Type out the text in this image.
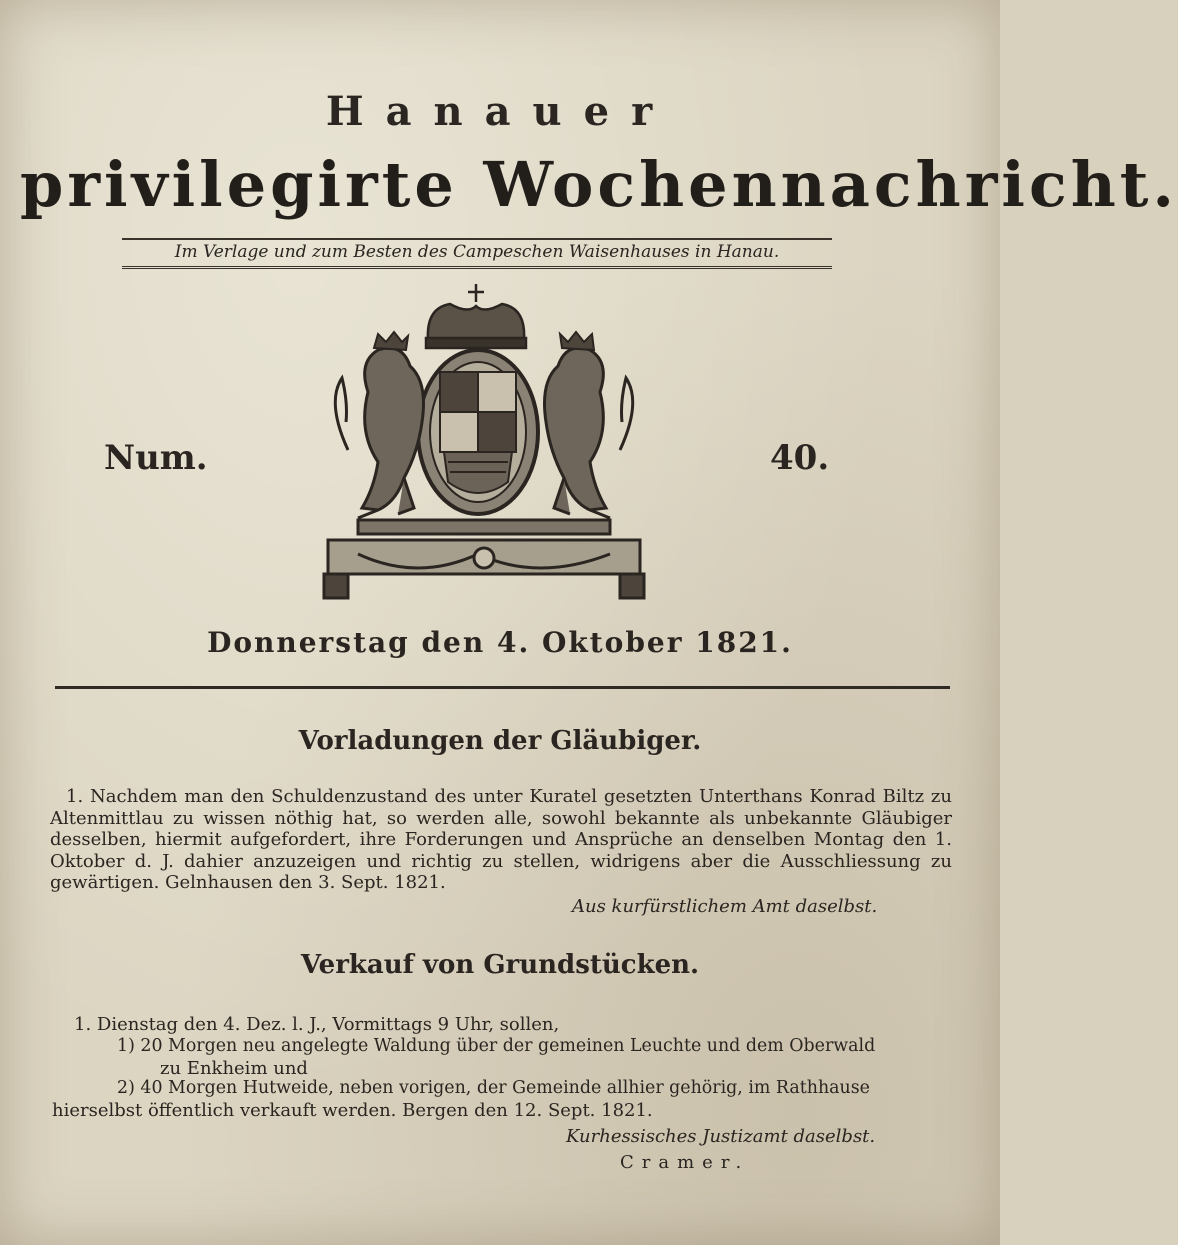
Hanauer
privilegirte Wochennachricht.
Im Verlage und zum Besten des Campeschen Waisenhauses in Hanau.
Num.	40.
Donnerstag den 4. Oktober 1821.
Vorladungen der Gläubiger.

1. Nachdem man den Schuldenzustand des unter Kuratel gesetzten Unterthans Konrad Biltz zu Altenmittlau zu wissen nöthig hat, so werden alle, sowohl bekannte als unbekannte Gläubiger desselben, hiermit aufgefordert, ihre Forderungen und Ansprüche an denselben Montag den 1. Oktober d. J. dahier anzuzeigen und richtig zu stellen, widrigens aber die Ausschliessung zu gewärtigen. Gelnhausen den 3. Sept. 1821.

Aus kurfürstlichem Amt daselbst.
Verkauf von Grundstücken.
1. Dienstag den 4. Dez. l. J., Vormittags 9 Uhr, sollen,
1) 20 Morgen neu angelegte Waldung über der gemeinen Leuchte und dem Oberwald
zu Enkheim und
2) 40 Morgen Hutweide, neben vorigen, der Gemeinde allhier gehörig, im Rathhause
hierselbst öffentlich verkauft werden. Bergen den 12. Sept. 1821.
Kurhessisches Justizamt daselbst.
Cramer.
